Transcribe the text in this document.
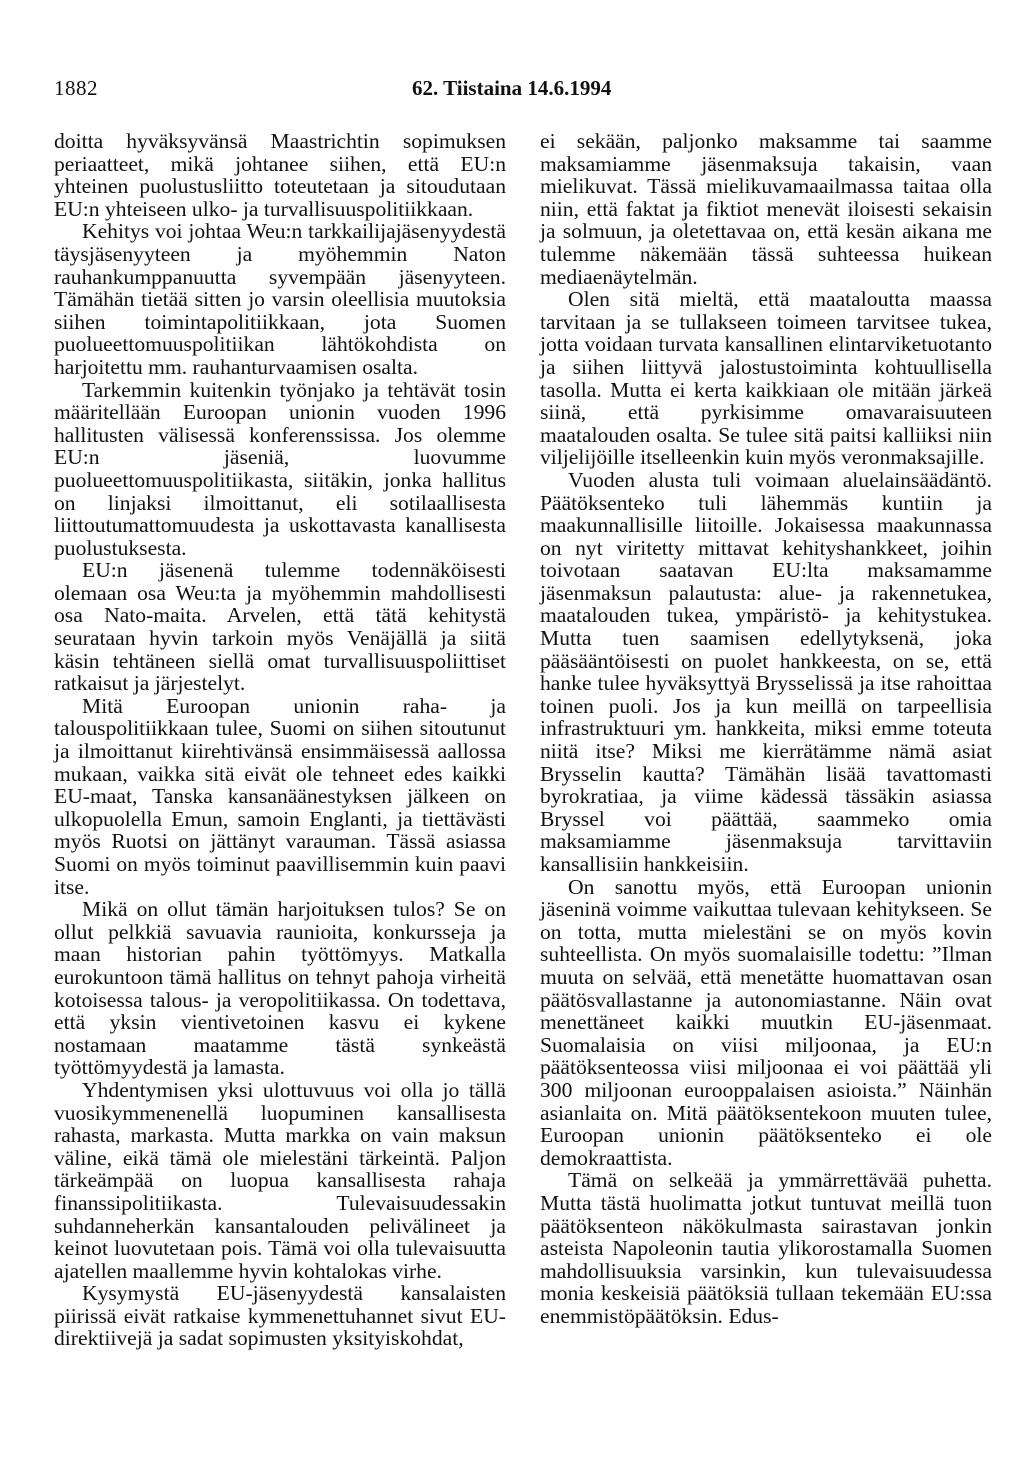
1882	62. Tiistaina 14.6.1994

doitta hyväksyvänsä Maastrichtin sopimuksen periaatteet, mikä johtanee siihen, että EU:n yhteinen puolustusliitto toteutetaan ja sitoudutaan EU:n yhteiseen ulko- ja turvallisuuspolitiikkaan.

Kehitys voi johtaa Weu:n tarkkailijajäsenyydestä täysjäsenyyteen ja myöhemmin Naton rauhankumppanuutta syvempään jäsenyyteen. Tämähän tietää sitten jo varsin oleellisia muutoksia siihen toimintapolitiikkaan, jota Suomen puolueettomuuspolitiikan lähtökohdista on harjoitettu mm. rauhanturvaamisen osalta.

Tarkemmin kuitenkin työnjako ja tehtävät tosin määritellään Euroopan unionin vuoden 1996 hallitusten välisessä konferenssissa. Jos olemme EU:n jäseniä, luovumme puolueettomuuspolitiikasta, siitäkin, jonka hallitus on linjaksi ilmoittanut, eli sotilaallisesta liittoutumattomuudesta ja uskottavasta kanallisesta puolustuksesta.

EU:n jäsenenä tulemme todennäköisesti olemaan osa Weu:ta ja myöhemmin mahdollisesti osa Nato-maita. Arvelen, että tätä kehitystä seurataan hyvin tarkoin myös Venäjällä ja siitä käsin tehtäneen siellä omat turvallisuuspoliittiset ratkaisut ja järjestelyt.

Mitä Euroopan unionin raha- ja talouspolitiikkaan tulee, Suomi on siihen sitoutunut ja ilmoittanut kiirehtivänsä ensimmäisessä aallossa mukaan, vaikka sitä eivät ole tehneet edes kaikki EU-maat, Tanska kansanäänestyksen jälkeen on ulkopuolella Emun, samoin Englanti, ja tiettävästi myös Ruotsi on jättänyt varauman. Tässä asiassa Suomi on myös toiminut paavillisemmin kuin paavi itse.

Mikä on ollut tämän harjoituksen tulos? Se on ollut pelkkiä savuavia raunioita, konkursseja ja maan historian pahin työttömyys. Matkalla eurokuntoon tämä hallitus on tehnyt pahoja virheitä kotoisessa talous- ja veropolitiikassa. On todettava, että yksin vientivetoinen kasvu ei kykene nostamaan maatamme tästä synkeästä työttömyydestä ja lamasta.

Yhdentymisen yksi ulottuvuus voi olla jo tällä vuosikymmenenellä luopuminen kansallisesta rahasta, markasta. Mutta markka on vain maksun väline, eikä tämä ole mielestäni tärkeintä. Paljon tärkeämpää on luopua kansallisesta rahaja finanssipolitiikasta. Tulevaisuudessakin suhdanneherkän kansantalouden pelivälineet ja keinot luovutetaan pois. Tämä voi olla tulevaisuutta ajatellen maallemme hyvin kohtalokas virhe.

Kysymystä EU-jäsenyydestä kansalaisten piirissä eivät ratkaise kymmenettuhannet sivut EU-direktiivejä ja sadat sopimusten yksityiskohdat,

ei sekään, paljonko maksamme tai saamme maksamiamme jäsenmaksuja takaisin, vaan mielikuvat. Tässä mielikuvamaailmassa taitaa olla niin, että faktat ja fiktiot menevät iloisesti sekaisin ja solmuun, ja oletettavaa on, että kesän aikana me tulemme näkemään tässä suhteessa huikean mediaenäytelmän.

Olen sitä mieltä, että maataloutta maassa tarvitaan ja se tullakseen toimeen tarvitsee tukea, jotta voidaan turvata kansallinen elintarviketuotanto ja siihen liittyvä jalostustoiminta kohtuullisella tasolla. Mutta ei kerta kaikkiaan ole mitään järkeä siinä, että pyrkisimme omavaraisuuteen maatalouden osalta. Se tulee sitä paitsi kalliiksi niin viljelijöille itselleenkin kuin myös veronmaksajille.

Vuoden alusta tuli voimaan aluelainsäädäntö. Päätöksenteko tuli lähemmäs kuntiin ja maakunnallisille liitoille. Jokaisessa maakunnassa on nyt viritetty mittavat kehityshankkeet, joihin toivotaan saatavan EU:lta maksamamme jäsenmaksun palautusta: alue- ja rakennetukea, maatalouden tukea, ympäristö- ja kehitystukea. Mutta tuen saamisen edellytyksenä, joka pääsääntöisesti on puolet hankkeesta, on se, että hanke tulee hyväksyttyä Brysselissä ja itse rahoittaa toinen puoli. Jos ja kun meillä on tarpeellisia infrastruktuuri ym. hankkeita, miksi emme toteuta niitä itse? Miksi me kierrätämme nämä asiat Brysselin kautta? Tämähän lisää tavattomasti byrokratiaa, ja viime kädessä tässäkin asiassa Bryssel voi päättää, saammeko omia maksamiamme jäsenmaksuja tarvittaviin kansallisiin hankkeisiin.

On sanottu myös, että Euroopan unionin jäseninä voimme vaikuttaa tulevaan kehitykseen. Se on totta, mutta mielestäni se on myös kovin suhteellista. On myös suomalaisille todettu: ”Ilman muuta on selvää, että menetätte huomattavan osan päätösvallastanne ja autonomiastanne. Näin ovat menettäneet kaikki muutkin EU-jäsenmaat. Suomalaisia on viisi miljoonaa, ja EU:n päätöksenteossa viisi miljoonaa ei voi päättää yli 300 miljoonan eurooppalaisen asioista.” Näinhän asianlaita on. Mitä päätöksentekoon muuten tulee, Euroopan unionin päätöksenteko ei ole demokraattista.

Tämä on selkeää ja ymmärrettävää puhetta. Mutta tästä huolimatta jotkut tuntuvat meillä tuon päätöksenteon näkökulmasta sairastavan jonkin asteista Napoleonin tautia ylikorostamalla Suomen mahdollisuuksia varsinkin, kun tulevaisuudessa monia keskeisiä päätöksiä tullaan tekemään EU:ssa enemmistöpäätöksin. Edus-
